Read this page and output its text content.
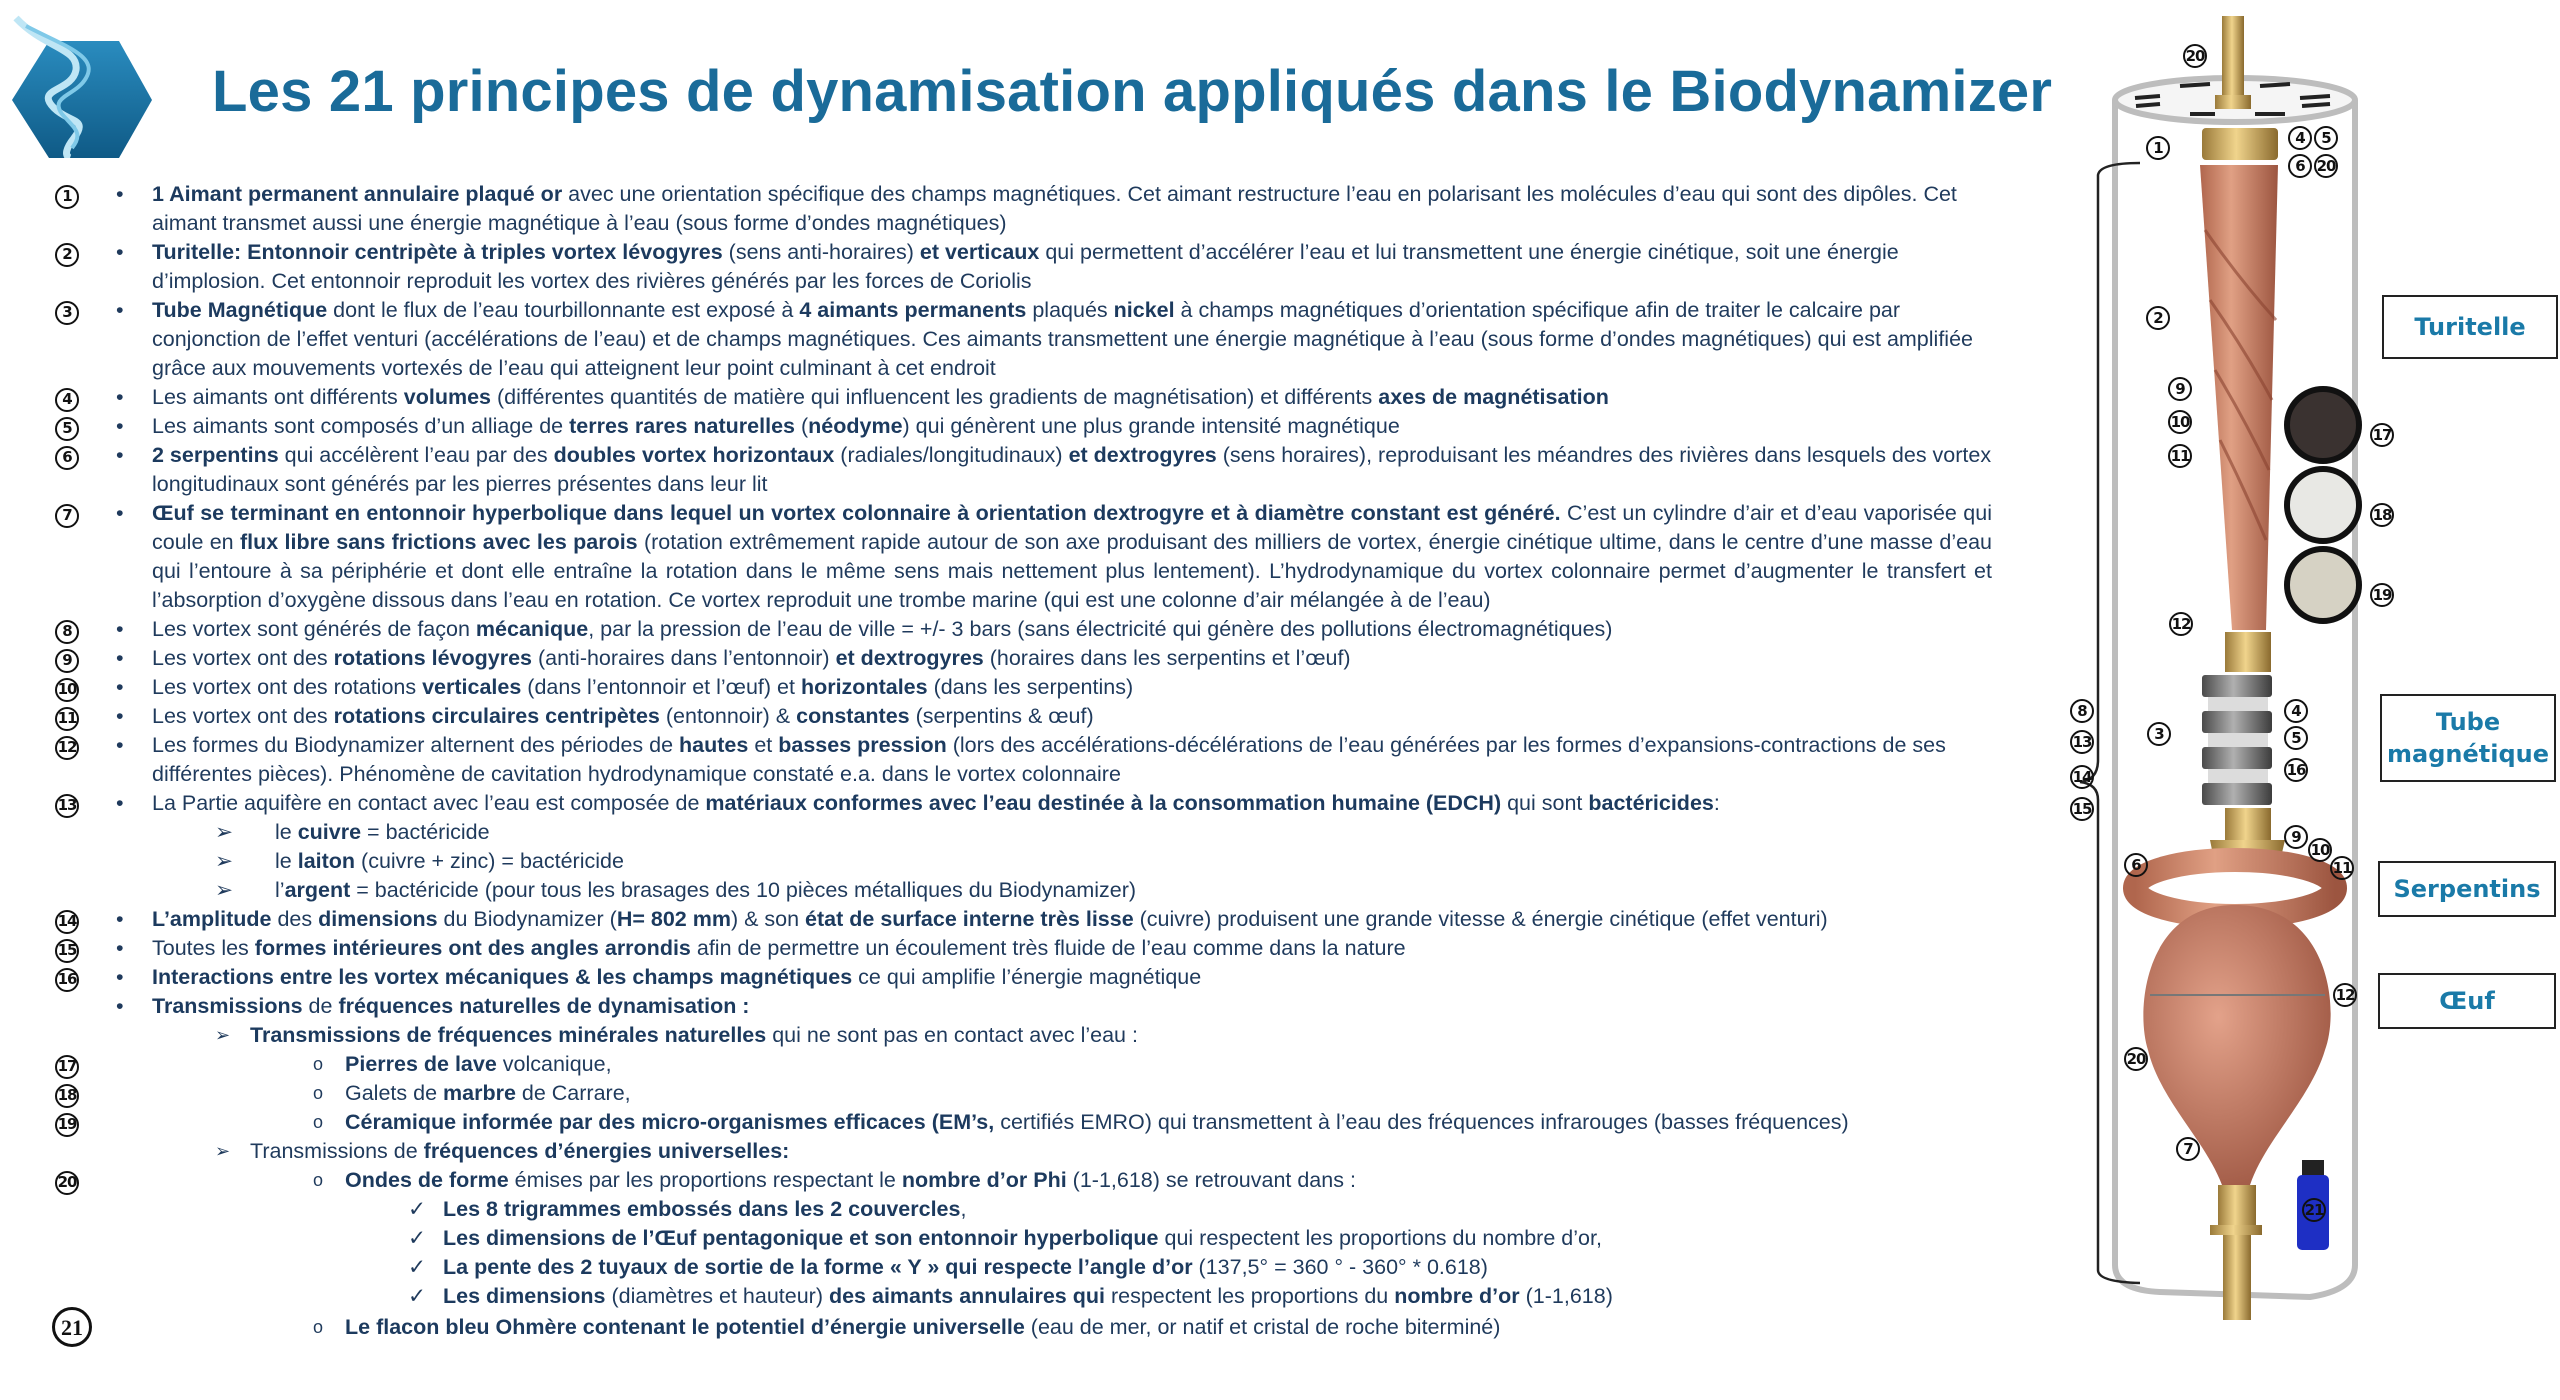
Les 21 principes de dynamisation appliqués dans le Biodynamizer
1	• 1 Aimant permanent annulaire plaqué or avec une orientation spécifique des champs magnétiques. Cet aimant restructure l’eau en polarisant les molécules d’eau qui sont des dipôles. Cet aimant transmet aussi une énergie magnétique à l’eau (sous forme d’ondes magnétiques)
2	• Turitelle: Entonnoir centripète à triples vortex lévogyres (sens anti-horaires) et verticaux qui permettent d’accélérer l’eau et lui transmettent une énergie cinétique, soit une énergie d’implosion. Cet entonnoir reproduit les vortex des rivières générés par les forces de Coriolis
3	• Tube Magnétique dont le flux de l’eau tourbillonnante est exposé à 4 aimants permanents plaqués nickel à champs magnétiques d’orientation spécifique afin de traiter le calcaire par conjonction de l’effet venturi (accélérations de l’eau) et de champs magnétiques. Ces aimants transmettent une énergie magnétique à l’eau (sous forme d’ondes magnétiques) qui est amplifiée grâce aux mouvements vortexés de l’eau qui atteignent leur point culminant à cet endroit
4	• Les aimants ont différents volumes (différentes quantités de matière qui influencent les gradients de magnétisation) et différents axes de magnétisation
5	• Les aimants sont composés d’un alliage de terres rares naturelles (néodyme) qui génèrent une plus grande intensité magnétique
6	• 2 serpentins qui accélèrent l’eau par des doubles vortex horizontaux (radiales/longitudinaux) et dextrogyres (sens horaires), reproduisant les méandres des rivières dans lesquels des vortex longitudinaux sont générés par les pierres présentes dans leur lit
7	• Œuf se terminant en entonnoir hyperbolique dans lequel un vortex colonnaire à orientation dextrogyre et à diamètre constant est généré. C’est un cylindre d’air et d’eau vaporisée qui coule en flux libre sans frictions avec les parois (rotation extrêmement rapide autour de son axe produisant des milliers de vortex, énergie cinétique ultime, dans le centre d’une masse d’eau qui l’entoure à sa périphérie et dont elle entraîne la rotation dans le même sens mais nettement plus lentement). L’hydrodynamique du vortex colonnaire permet d’augmenter le transfert et l’absorption d’oxygène dissous dans l’eau en rotation. Ce vortex reproduit une trombe marine (qui est une colonne d’air mélangée à de l’eau)
8	• Les vortex sont générés de façon mécanique, par la pression de l’eau de ville = +/- 3 bars (sans électricité qui génère des pollutions électromagnétiques)
9	• Les vortex ont des rotations lévogyres (anti-horaires dans l’entonnoir) et dextrogyres (horaires dans les serpentins et l’œuf)
10 • Les vortex ont des rotations verticales (dans l’entonnoir et l’œuf) et horizontales (dans les serpentins)
11 • Les vortex ont des rotations circulaires centripètes (entonnoir) & constantes (serpentins & œuf)
12 • Les formes du Biodynamizer alternent des périodes de hautes et basses pression (lors des accélérations-décélérations de l’eau générées par les formes d’expansions-contractions de ses différentes pièces). Phénomène de cavitation hydrodynamique constaté e.a. dans le vortex colonnaire
13 • La Partie aquifère en contact avec l’eau est composée de matériaux conformes avec l’eau destinée à la consommation humaine (EDCH) qui sont bactéricides:
➢ le cuivre = bactéricide
➢ le laiton (cuivre + zinc) = bactéricide
➢ l’argent = bactéricide (pour tous les brasages des 10 pièces métalliques du Biodynamizer)
14 • L’amplitude des dimensions du Biodynamizer (H= 802 mm) & son état de surface interne très lisse (cuivre) produisent une grande vitesse & énergie cinétique (effet venturi)
15 • Toutes les formes intérieures ont des angles arrondis afin de permettre un écoulement très fluide de l’eau comme dans la nature
16 • Interactions entre les vortex mécaniques & les champs magnétiques ce qui amplifie l’énergie magnétique
• Transmissions de fréquences naturelles de dynamisation :
➢ Transmissions de fréquences minérales naturelles qui ne sont pas en contact avec l’eau :
17	o Pierres de lave volcanique,
18	o Galets de marbre de Carrare,
19	o Céramique informée par des micro-organismes efficaces (EM’s, certifiés EMRO) qui transmettent à l’eau des fréquences infrarouges (basses fréquences)
➢ Transmissions de fréquences d’énergies universelles:
20	o Ondes de forme émises par les proportions respectant le nombre d’or Phi (1-1,618) se retrouvant dans :
✓ Les 8 trigrammes embossés dans les 2 couvercles,
✓ Les dimensions de l’Œuf pentagonique et son entonnoir hyperbolique qui respectent les proportions du nombre d’or,
✓ La pente des 2 tuyaux de sortie de la forme « Y » qui respecte l’angle d’or (137,5° = 360 ° - 360° * 0.618)
✓ Les dimensions (diamètres et hauteur) des aimants annulaires qui respectent les proportions du nombre d’or (1-1,618)
21	o Le flacon bleu Ohmère contenant le potentiel d’énergie universelle (eau de mer, or natif et cristal de roche biterminé)
20
1
4	5
6 20
2
9
10
11
17
18
19
12
8
13
14
15
3
4
5
16
9
10
11
6
12
20
7
21
Turitelle
Tube magnétique
Serpentins
Œuf
